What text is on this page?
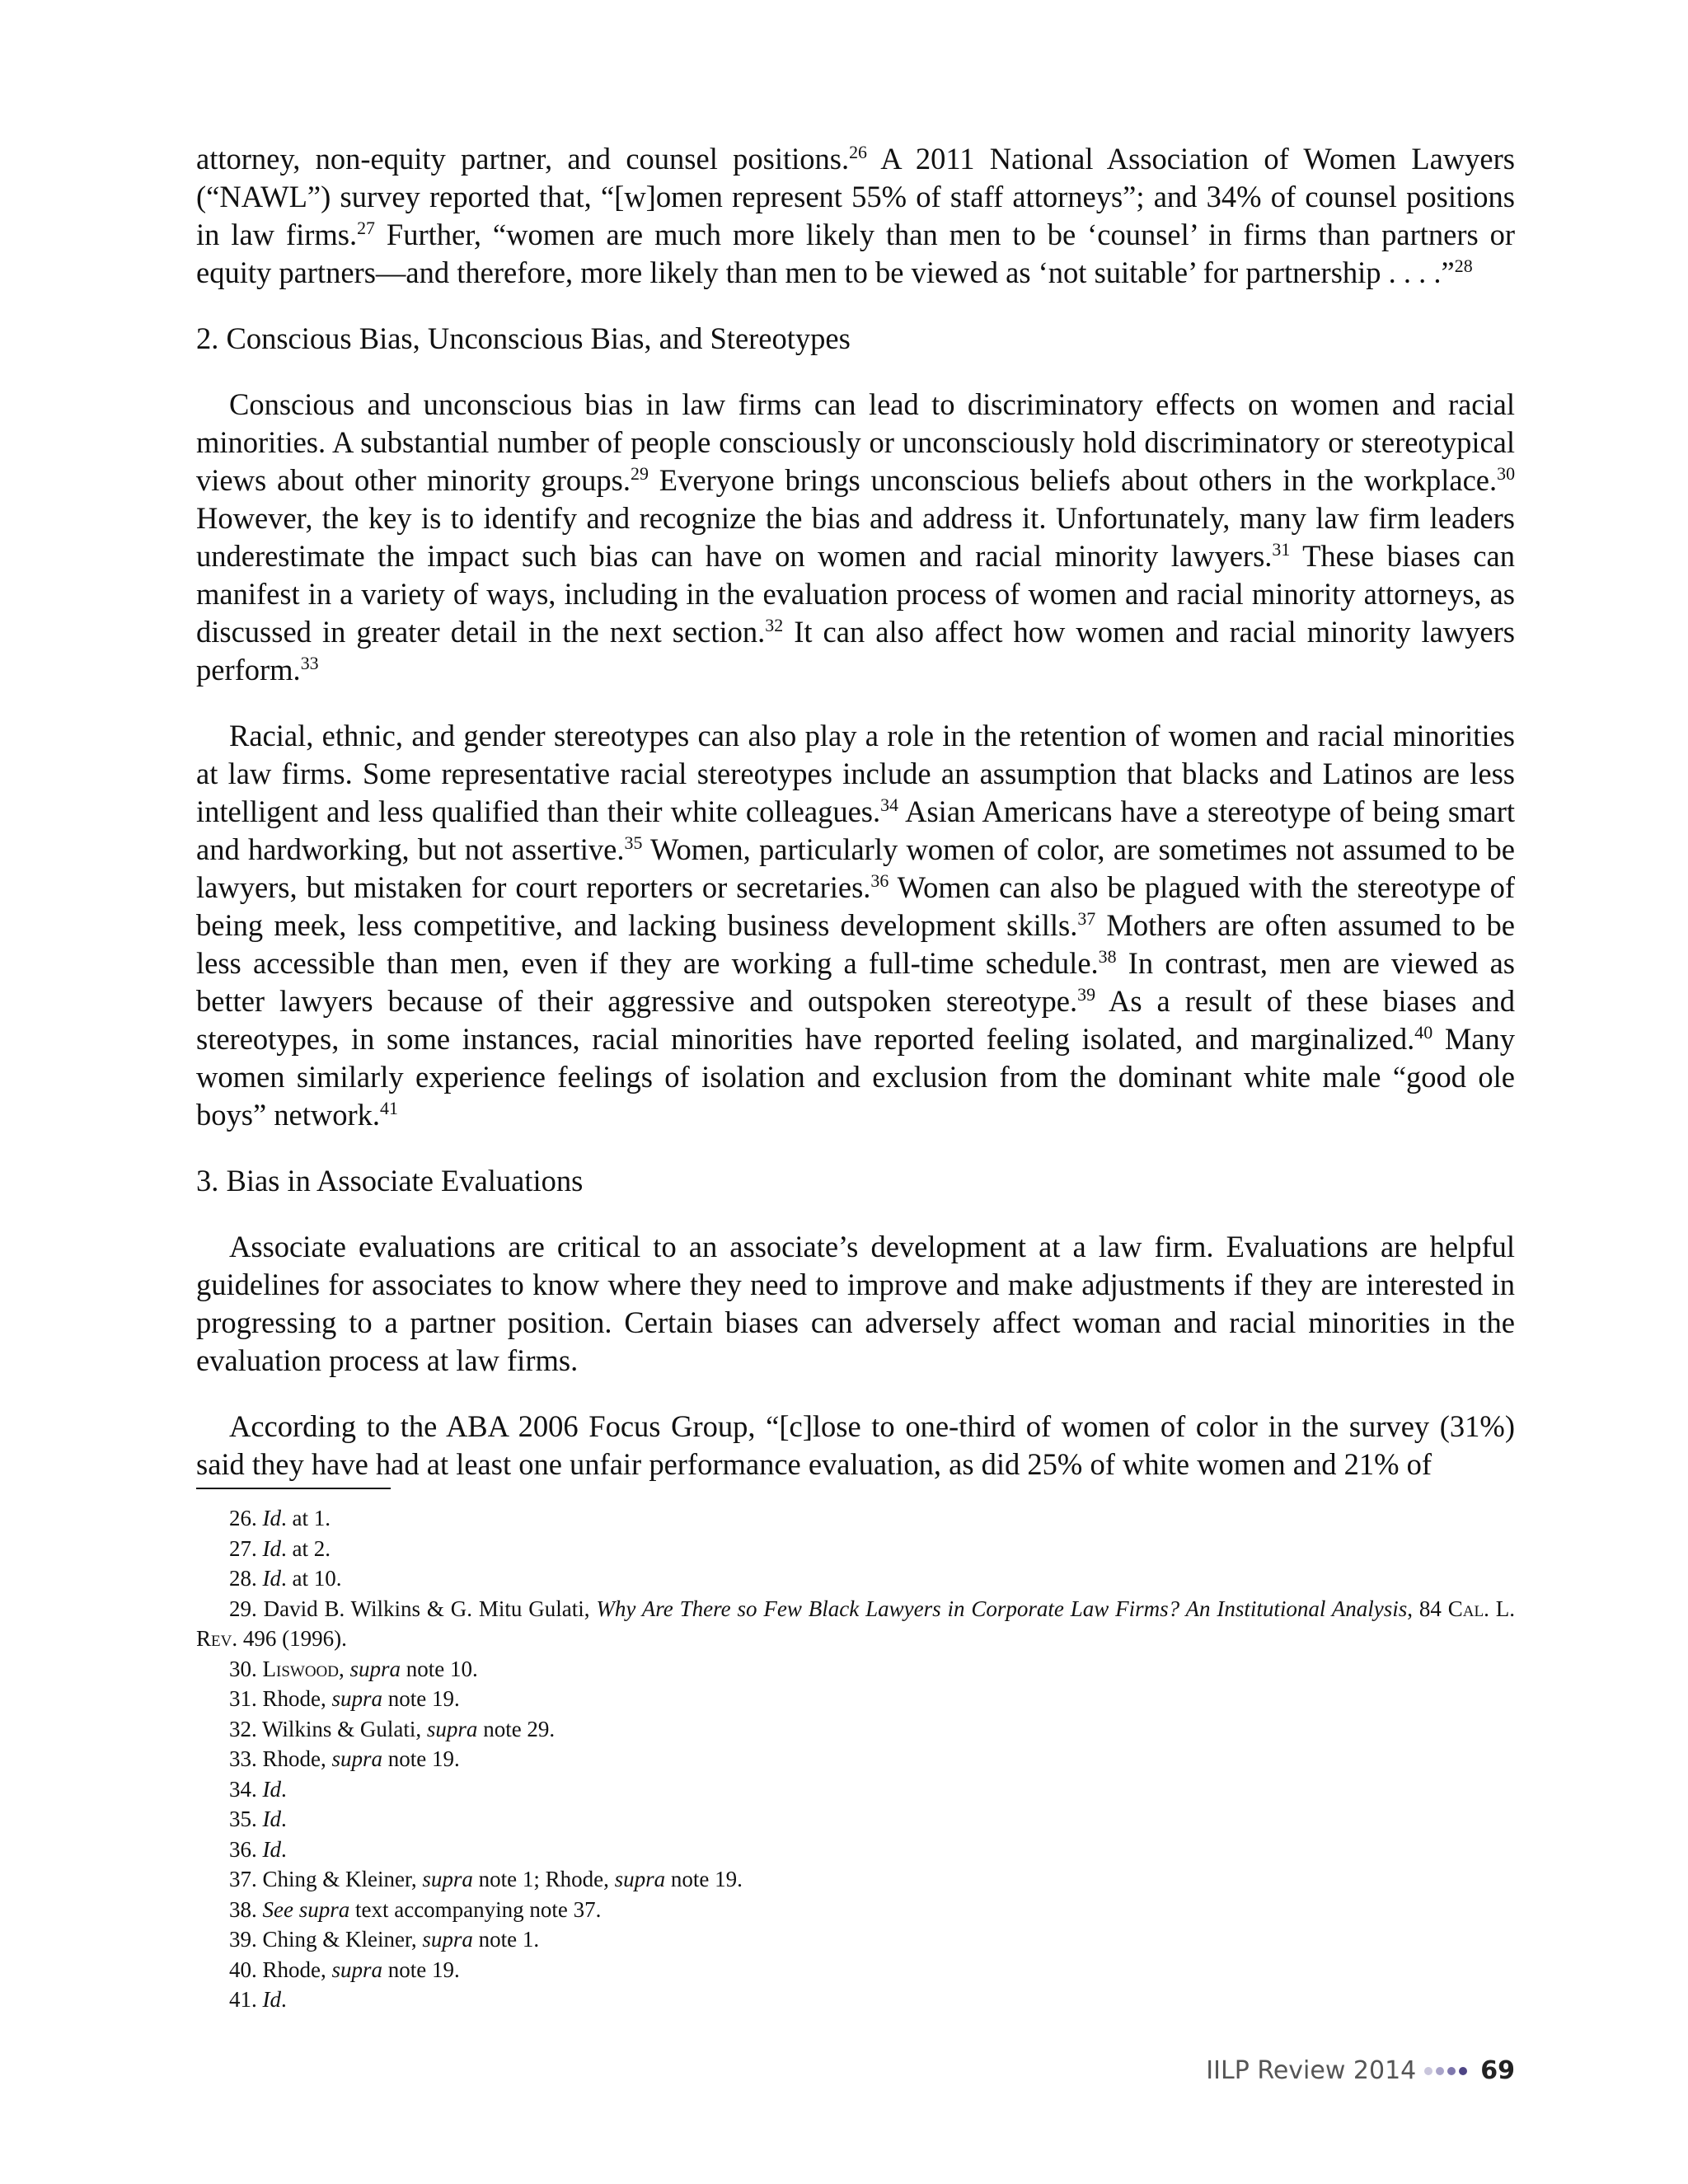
attorney, non-equity partner, and counsel positions.$^{26}$ A 2011 National Association of Women Lawyers (“NAWL”) survey reported that, “[w]omen represent 55% of staff attorneys”; and 34% of counsel positions in law firms.$^{27}$ Further, “women are much more likely than men to be ‘counsel’ in firms than partners or equity partners—and therefore, more likely than men to be viewed as ‘not suitable’ for partnership . . . .”$^{28}$

2. Conscious Bias, Unconscious Bias, and Stereotypes

Conscious and unconscious bias in law firms can lead to discriminatory effects on women and racial minorities. A substantial number of people consciously or unconsciously hold discriminatory or stereotypical views about other minority groups.$^{29}$ Everyone brings unconscious beliefs about others in the workplace.$^{30}$ However, the key is to identify and recognize the bias and address it. Unfortunately, many law firm leaders underestimate the impact such bias can have on women and racial minority lawyers.$^{31}$ These biases can manifest in a variety of ways, including in the evaluation process of women and racial minority attorneys, as discussed in greater detail in the next section.$^{32}$ It can also affect how women and racial minority lawyers perform.$^{33}$

Racial, ethnic, and gender stereotypes can also play a role in the retention of women and racial minorities at law firms. Some representative racial stereotypes include an assumption that blacks and Latinos are less intelligent and less qualified than their white colleagues.$^{34}$ Asian Americans have a stereotype of being smart and hardworking, but not assertive.$^{35}$ Women, particularly women of color, are sometimes not assumed to be lawyers, but mistaken for court reporters or secretaries.$^{36}$ Women can also be plagued with the stereotype of being meek, less competitive, and lacking business development skills.$^{37}$ Mothers are often assumed to be less accessible than men, even if they are working a full-time schedule.$^{38}$ In contrast, men are viewed as better lawyers because of their aggressive and outspoken stereotype.$^{39}$ As a result of these biases and stereotypes, in some instances, racial minorities have reported feeling isolated, and marginalized.$^{40}$ Many women similarly experience feelings of isolation and exclusion from the dominant white male “good ole boys” network.$^{41}$

3. Bias in Associate Evaluations

Associate evaluations are critical to an associate’s development at a law firm. Evaluations are helpful guidelines for associates to know where they need to improve and make adjustments if they are interested in progressing to a partner position. Certain biases can adversely affect woman and racial minorities in the evaluation process at law firms.

According to the ABA 2006 Focus Group, “[c]lose to one-third of women of color in the survey (31%) said they have had at least one unfair performance evaluation, as did 25% of white women and 21% of

26. Id. at 1.

27. Id. at 2.

28. Id. at 10.

29. David B. Wilkins & G. Mitu Gulati, Why Are There so Few Black Lawyers in Corporate Law Firms? An Institutional Analysis, 84 Cal. L. Rev. 496 (1996).

30. Liswood, supra note 10.

31. Rhode, supra note 19.

32. Wilkins & Gulati, supra note 29.

33. Rhode, supra note 19.

34. Id.

35. Id.

36. Id.

37. Ching & Kleiner, supra note 1; Rhode, supra note 19.

38. See supra text accompanying note 37.

39. Ching & Kleiner, supra note 1.

40. Rhode, supra note 19.

41. Id.

IILP Review 2014	69
